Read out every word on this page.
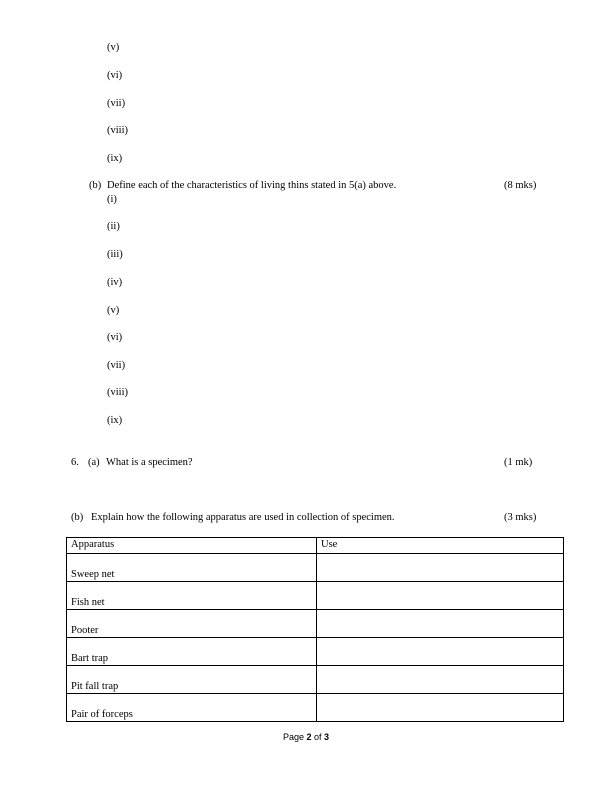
(v)
(vi)
(vii)
(viii)
(ix)
(b) Define each of the characteristics of living thins stated in 5(a) above.	(8 mks)
(i)
(ii)
(iii)
(iv)
(v)
(vi)
(vii)
(viii)
(ix)
6. (a) What is a specimen?	(1 mk)
(b) Explain how the following apparatus are used in collection of specimen.	(3 mks)
Apparatus	Use

Sweep net	

Fish net	

Pooter	

Bart trap	

Pit fall trap	

Pair of forceps	

Page 2 of 3
